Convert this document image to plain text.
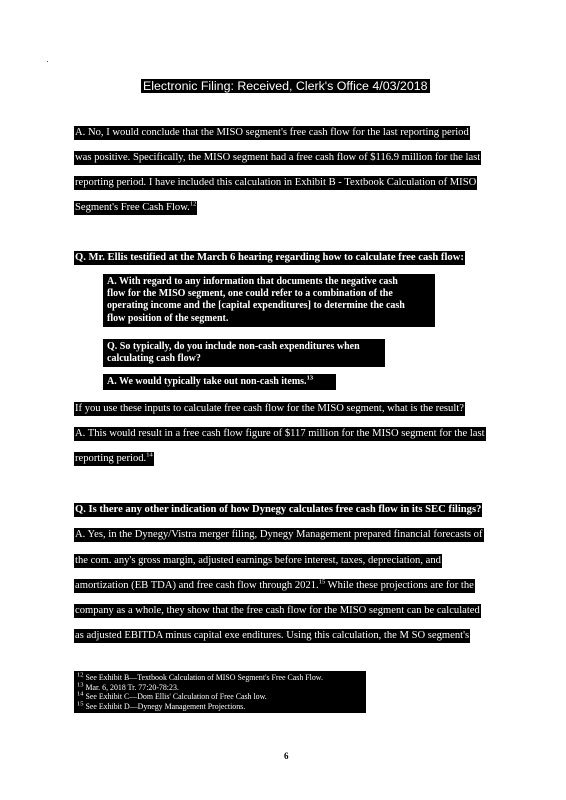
Electronic Filing: Received, Clerk's Office 4/03/2018
A. No, I would conclude that the MISO segment's free cash flow for the last reporting period
was positive. Specifically, the MISO segment had a free cash flow of $116.9 million for the last
reporting period. I have included this calculation in Exhibit B - Textbook Calculation of MISO
Segment's Free Cash Flow.$^{12}$
Q. Mr. Ellis testified at the March 6 hearing regarding how to calculate free cash flow:
A. With regard to any information that documents the negative cash
flow for the MISO segment, one could refer to a combination of the
operating income and the [capital expenditures] to determine the cash
flow position of the segment.
Q. So typically, do you include non-cash expenditures when
calculating cash flow?
A. We would typically take out non-cash items.$^{13}$
If you use these inputs to calculate free cash flow for the MISO segment, what is the result?
A. This would result in a free cash flow figure of $117 million for the MISO segment for the last
reporting period.$^{14}$
Q. Is there any other indication of how Dynegy calculates free cash flow in its SEC filings?
A. Yes, in the Dynegy/Vistra merger filing, Dynegy Management prepared financial forecasts of
the com. any's gross margin, adjusted earnings before interest, taxes, depreciation, and
amortization (EB TDA) and free cash flow through 2021.15 While these projections are for the
company as a whole, they show that the free cash flow for the MISO segment can be calculated
as adjusted EBITDA minus capital exe enditures. Using this calculation, the M SO segment's
$^{12}$ See Exhibit B—Textbook Calculation of MISO Segment's Free Cash Flow.
$^{13}$ Mar. 6, 2018 Tr. 77:20-78:23.
$^{14}$ See Exhibit C—Dom Ellis' Calculation of Free Cash low.
$^{15}$ See Exhibit D—Dynegy Management Projections.
6
